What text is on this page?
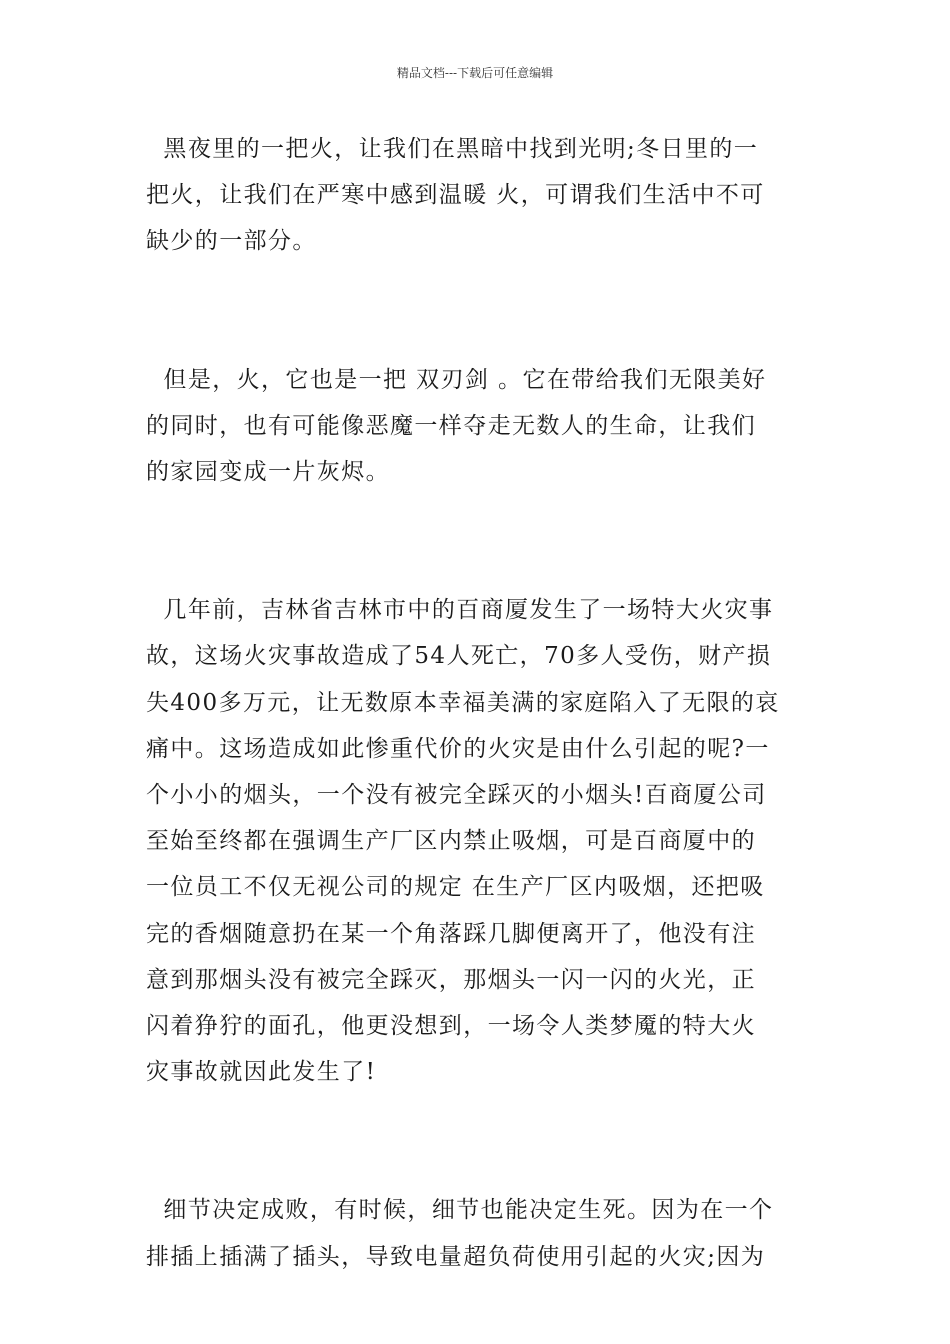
精品文档---下载后可任意编辑

黑夜里的一把火，让我们在黑暗中找到光明;冬日里的一
把火，让我们在严寒中感到温暖 火，可谓我们生活中不可
缺少的一部分。

但是，火，它也是一把 双刃剑 。它在带给我们无限美好
的同时，也有可能像恶魔一样夺走无数人的生命，让我们
的家园变成一片灰烬。

几年前，吉林省吉林市中的百商厦发生了一场特大火灾事
故，这场火灾事故造成了54人死亡，70多人受伤，财产损
失400多万元，让无数原本幸福美满的家庭陷入了无限的哀
痛中。这场造成如此惨重代价的火灾是由什么引起的呢?一
个小小的烟头，一个没有被完全踩灭的小烟头!百商厦公司
至始至终都在强调生产厂区内禁止吸烟，可是百商厦中的
一位员工不仅无视公司的规定 在生产厂区内吸烟，还把吸
完的香烟随意扔在某一个角落踩几脚便离开了，他没有注
意到那烟头没有被完全踩灭，那烟头一闪一闪的火光，正
闪着狰狞的面孔，他更没想到，一场令人类梦魇的特大火
灾事故就因此发生了!

细节决定成败，有时候，细节也能决定生死。因为在一个
排插上插满了插头，导致电量超负荷使用引起的火灾;因为
